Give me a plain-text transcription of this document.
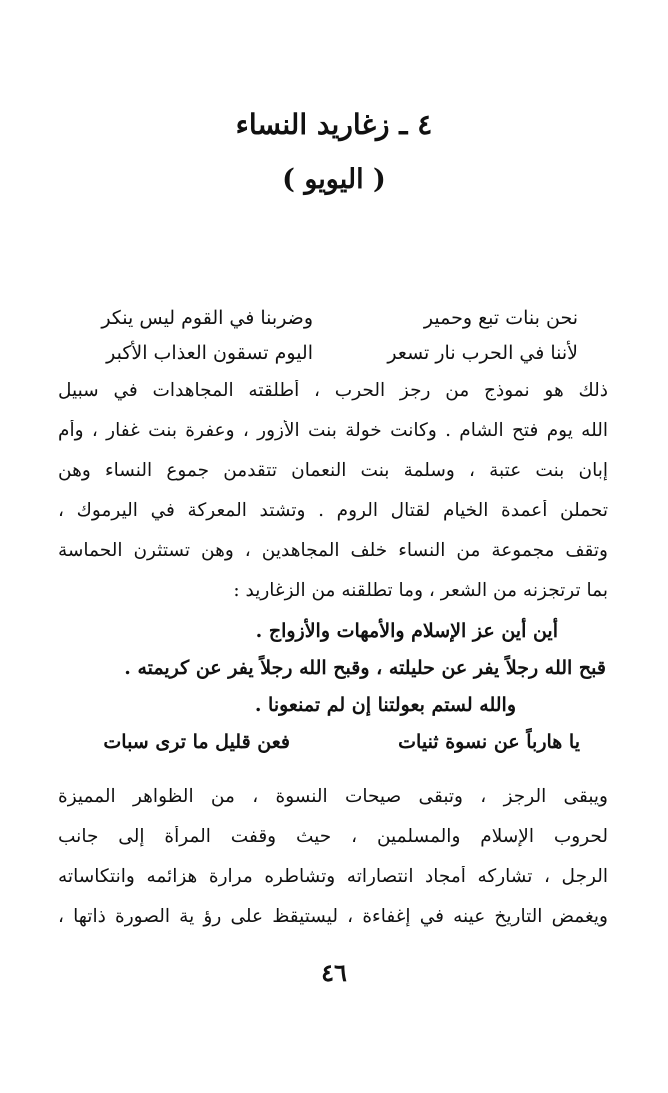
٤ ـ زغاريد النساء
( اليويو )
نحن بنات تبع وحمير
وضربنا في القوم ليس ينكر
لأننا في الحرب نار تسعر
اليوم تسقون العذاب الأكبر
ذلك هو نموذج من رجز الحرب ، أطلقته المجاهدات في سبيل
الله يوم فتح الشام . وكانت خولة بنت الأزور ، وعفرة بنت غفار ، وأم
إبان بنت عتبة ، وسلمة بنت النعمان تتقدمن جموع النساء وهن
تحملن أعمدة الخيام لقتال الروم . وتشتد المعركة في اليرموك ،
وتقف مجموعة من النساء خلف المجاهدين ، وهن تستثرن الحماسة
بما ترتجزنه من الشعر ، وما تطلقنه من الزغاريد :
أين أين عز الإسلام والأمهات والأزواج .
قبح الله رجلاً يفر عن حليلته ، وقبح الله رجلاً يفر عن كريمته .
والله لستم بعولتنا إن لم تمنعونا .
يا هارباً عن نسوة ثنيات
فعن قليل ما ترى سبات
ويبقى الرجز ، وتبقى صيحات النسوة ، من الظواهر المميزة
لحروب الإسلام والمسلمين ، حيث وقفت المرأة إلى جانب
الرجل ، تشاركه أمجاد انتصاراته وتشاطره مرارة هزائمه وانتكاساته
ويغمض التاريخ عينه في إغفاءة ، ليستيقظ على رؤ ية الصورة ذاتها ،
٤٦
